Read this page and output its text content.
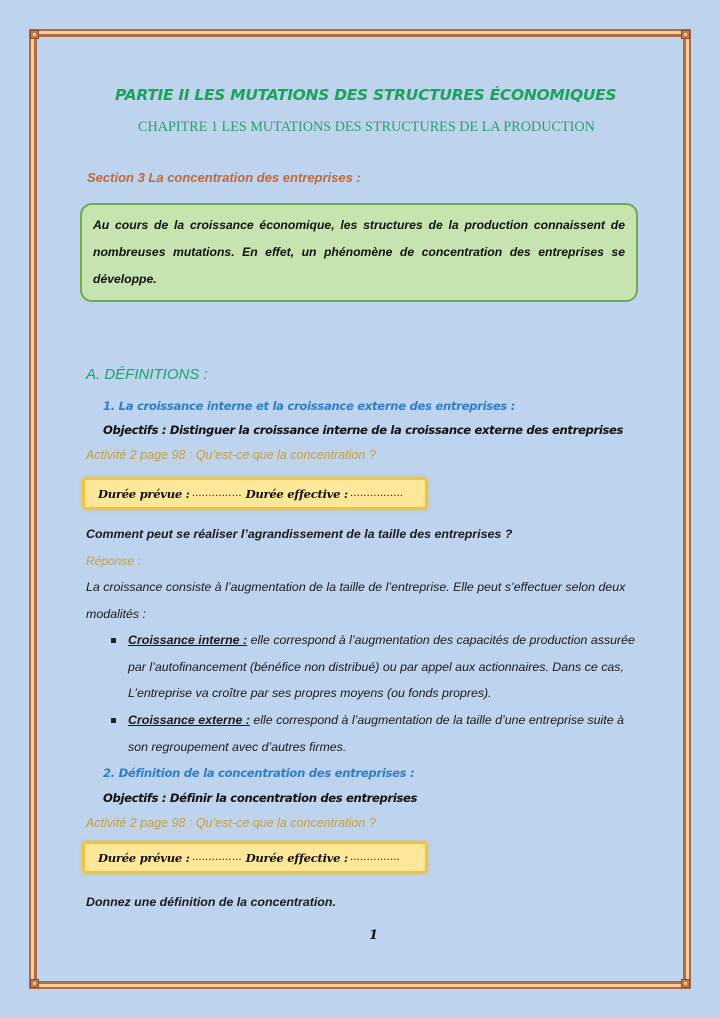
PARTIE II LES MUTATIONS DES STRUCTURES ÉCONOMIQUES
CHAPITRE 1 LES MUTATIONS DES STRUCTURES DE LA PRODUCTION
Section 3 La concentration des entreprises :

Au cours de la croissance économique, les structures de la production connaissent de nombreuses mutations. En effet, un phénomène de concentration des entreprises se développe.

A. DÉFINITIONS :
1. La croissance interne et la croissance externe des entreprises :
Objectifs : Distinguer la croissance interne de la croissance externe des entreprises
Activité 2 page 98 : Qu’est-ce que la concentration ?
Durée prévue : …………… Durée effective : …………….
Comment peut se réaliser l’agrandissement de la taille des entreprises ?
Réponse :
La croissance consiste à l’augmentation de la taille de l’entreprise. Elle peut s’effectuer selon deux
modalités :
Croissance interne : elle correspond à l’augmentation des capacités de production assurée
par l’autofinancement (bénéfice non distribué) ou par appel aux actionnaires. Dans ce cas,
L’entreprise va croître par ses propres moyens (ou fonds propres).
Croissance externe : elle correspond à l’augmentation de la taille d’une entreprise suite à
son regroupement avec d’autres firmes.
2. Définition de la concentration des entreprises :
Objectifs : Définir la concentration des entreprises
Activité 2 page 98 : Qu’est-ce que la concentration ?
Durée prévue : …………… Durée effective : ……………
Donnez une définition de la concentration.
1
